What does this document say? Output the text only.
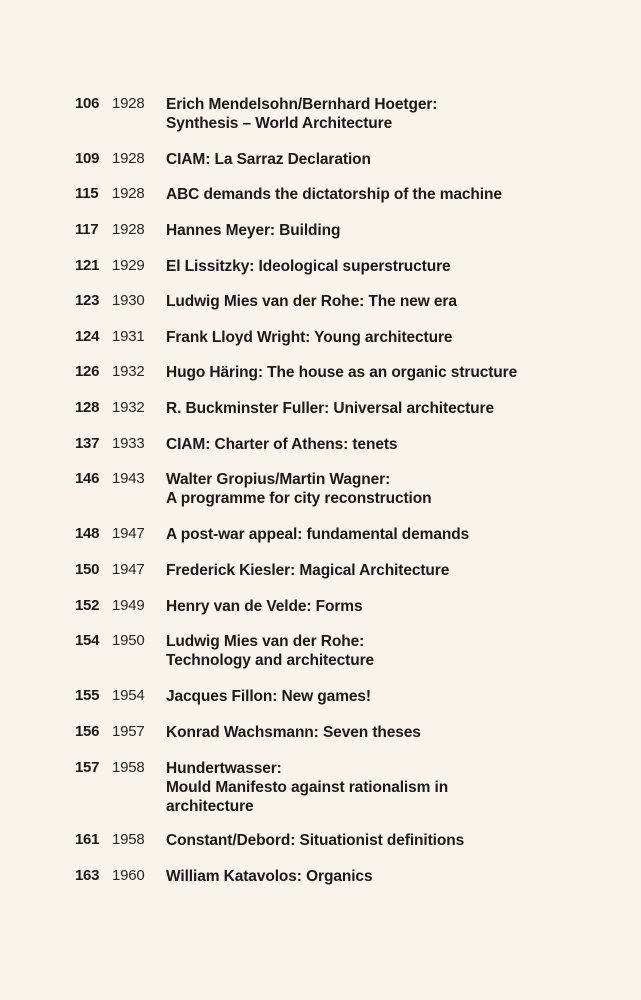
106 1928 Erich Mendelsohn/Bernhard Hoetger:
Synthesis – World Architecture
109 1928 CIAM: La Sarraz Declaration
115 1928 ABC demands the dictatorship of the machine
117 1928 Hannes Meyer: Building
121 1929 El Lissitzky: Ideological superstructure
123 1930 Ludwig Mies van der Rohe: The new era
124 1931 Frank Lloyd Wright: Young architecture
126 1932 Hugo Häring: The house as an organic structure
128 1932 R. Buckminster Fuller: Universal architecture
137 1933 CIAM: Charter of Athens: tenets
146 1943 Walter Gropius/Martin Wagner:
A programme for city reconstruction
148 1947 A post-war appeal: fundamental demands
150 1947 Frederick Kiesler: Magical Architecture
152 1949 Henry van de Velde: Forms
154 1950 Ludwig Mies van der Rohe:
Technology and architecture
155 1954 Jacques Fillon: New games!
156 1957 Konrad Wachsmann: Seven theses
157 1958 Hundertwasser:
Mould Manifesto against rationalism in
architecture
161 1958 Constant/Debord: Situationist definitions
163 1960 William Katavolos: Organics
